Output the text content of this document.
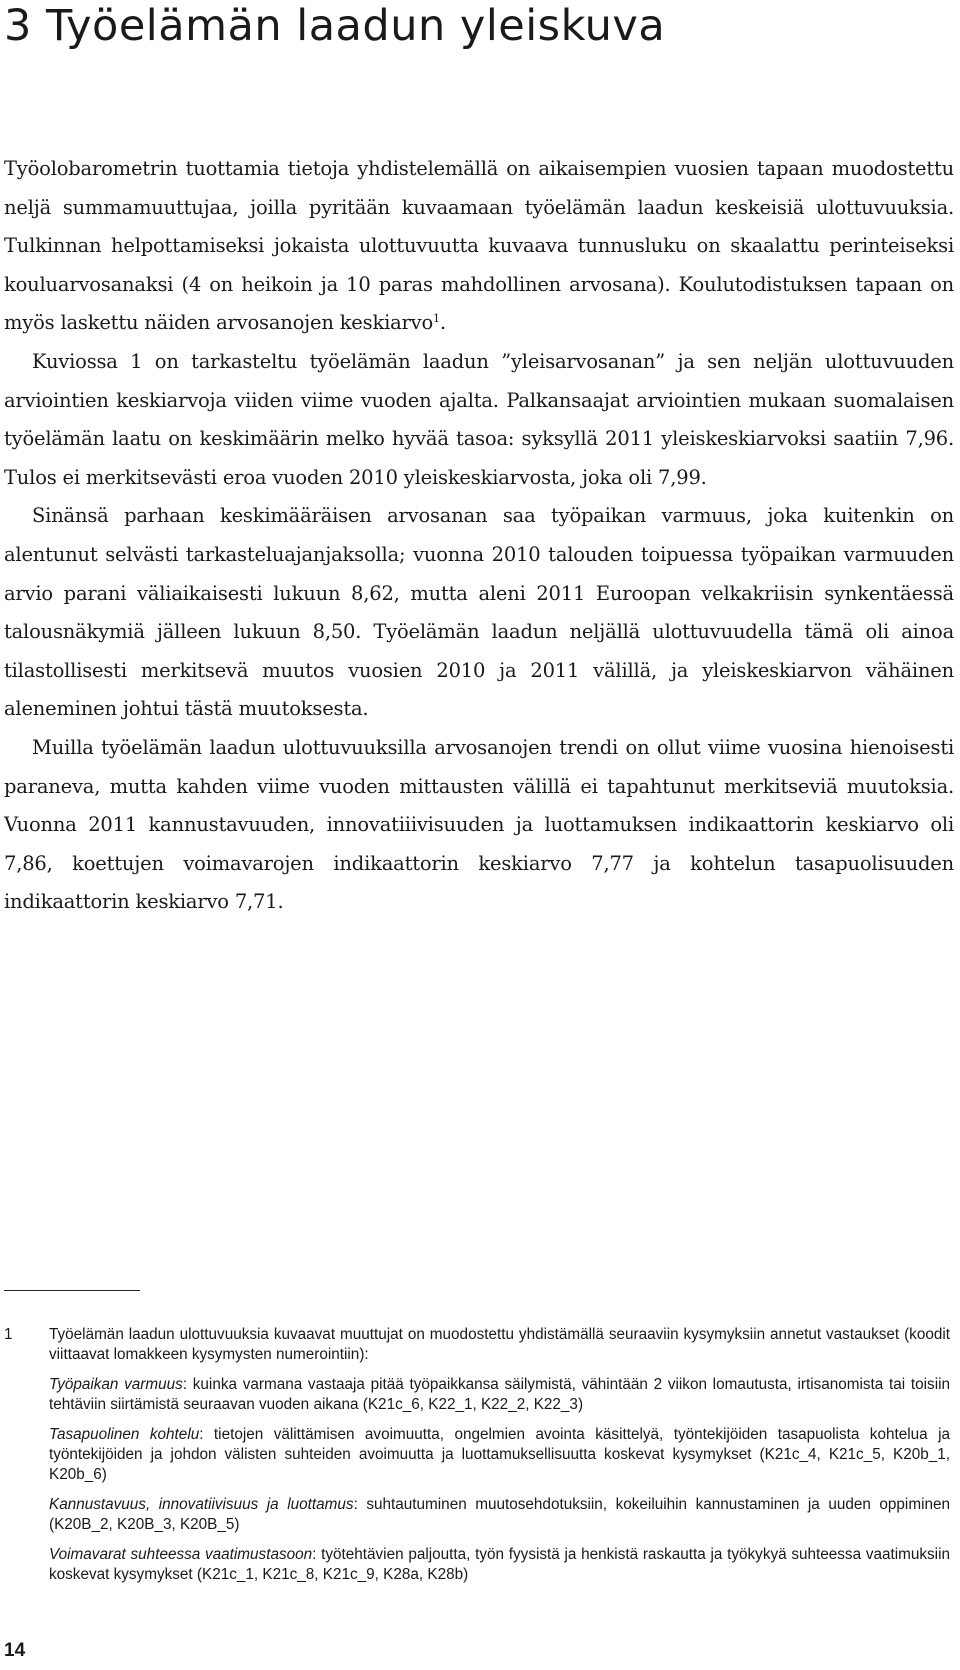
3 Työelämän laadun yleiskuva

Työolobarometrin tuottamia tietoja yhdistelemällä on aikaisempien vuosien tapaan muodostettu neljä summamuuttujaa, joilla pyritään kuvaamaan työelämän laadun keskeisiä ulottuvuuksia. Tulkinnan helpottamiseksi jokaista ulottuvuutta kuvaava tunnusluku on skaalattu perinteiseksi kouluarvosanaksi (4 on heikoin ja 10 paras mahdollinen arvosana). Koulutodistuksen tapaan on myös laskettu näiden arvosanojen keskiarvo$^1$.

Kuviossa 1 on tarkasteltu työelämän laadun ”yleisarvosanan” ja sen neljän ulottuvuuden arviointien keskiarvoja viiden viime vuoden ajalta. Palkansaajat arviointien mukaan suomalaisen työelämän laatu on keskimäärin melko hyvää tasoa: syksyllä 2011 yleiskeskiarvoksi saatiin 7,96. Tulos ei merkitsevästi eroa vuoden 2010 yleiskeskiarvosta, joka oli 7,99.

Sinänsä parhaan keskimääräisen arvosanan saa työpaikan varmuus, joka kuitenkin on alentunut selvästi tarkasteluajanjaksolla; vuonna 2010 talouden toipuessa työpaikan varmuuden arvio parani väliaikaisesti lukuun 8,62, mutta aleni 2011 Euroopan velkakriisin synkentäessä talousnäkymiä jälleen lukuun 8,50. Työelämän laadun neljällä ulottuvuudella tämä oli ainoa tilastollisesti merkitsevä muutos vuosien 2010 ja 2011 välillä, ja yleiskeskiarvon vähäinen aleneminen johtui tästä muutoksesta.

Muilla työelämän laadun ulottuvuuksilla arvosanojen trendi on ollut viime vuosina hienoisesti paraneva, mutta kahden viime vuoden mittausten välillä ei tapahtunut merkitseviä muutoksia. Vuonna 2011 kannustavuuden, innovatiiivisuuden ja luottamuksen indikaattorin keskiarvo oli 7,86, koettujen voimavarojen indikaattorin keskiarvo 7,77 ja kohtelun tasapuolisuuden indikaattorin keskiarvo 7,71.

1 Työelämän laadun ulottuvuuksia kuvaavat muuttujat on muodostettu yhdistämällä seuraaviin kysymyksiin annetut vastaukset (koodit viittaavat lomakkeen kysymysten numerointiin):
Työpaikan varmuus: kuinka varmana vastaaja pitää työpaikkansa säilymistä, vähintään 2 viikon lomautusta, irtisanomista tai toisiin tehtäviin siirtämistä seuraavan vuoden aikana (K21c_6, K22_1, K22_2, K22_3)
Tasapuolinen kohtelu: tietojen välittämisen avoimuutta, ongelmien avointa käsittelyä, työntekijöiden tasapuolista kohtelua ja työntekijöiden ja johdon välisten suhteiden avoimuutta ja luottamuksellisuutta koskevat kysymykset (K21c_4, K21c_5, K20b_1, K20b_6)
Kannustavuus, innovatiivisuus ja luottamus: suhtautuminen muutosehdotuksiin, kokeiluihin kannustaminen ja uuden oppiminen (K20B_2, K20B_3, K20B_5)
Voimavarat suhteessa vaatimustasoon: työtehtävien paljoutta, työn fyysistä ja henkistä raskautta ja työkykyä suhteessa vaatimuksiin koskevat kysymykset (K21c_1, K21c_8, K21c_9, K28a, K28b)
14
